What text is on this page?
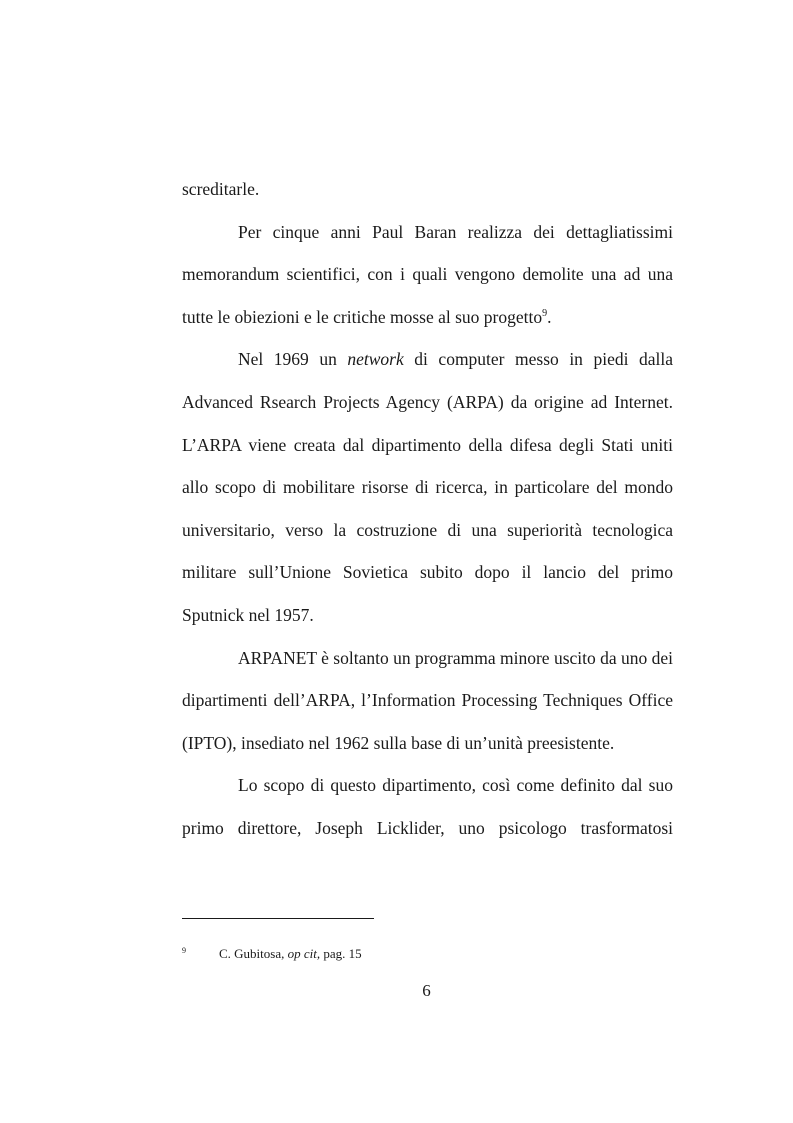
screditarle.

Per cinque anni Paul Baran realizza dei dettagliatissimi memorandum scientifici, con i quali vengono demolite una ad una tutte le obiezioni e le critiche mosse al suo progetto$^9$.

Nel 1969 un network di computer messo in piedi dalla Advanced Rsearch Projects Agency (ARPA) da origine ad Internet. L’ARPA viene creata dal dipartimento della difesa degli Stati uniti allo scopo di mobilitare risorse di ricerca, in particolare del mondo universitario, verso la costruzione di una superiorità tecnologica militare sull’Unione Sovietica subito dopo il lancio del primo Sputnick nel 1957.

ARPANET è soltanto un programma minore uscito da uno dei dipartimenti dell’ARPA, l’Information Processing Techniques Office (IPTO), insediato nel 1962 sulla base di un’unità preesistente.

Lo scopo di questo dipartimento, così come definito dal suo primo direttore, Joseph Licklider, uno psicologo trasformatosi

9	C. Gubitosa, op cit, pag. 15
6
